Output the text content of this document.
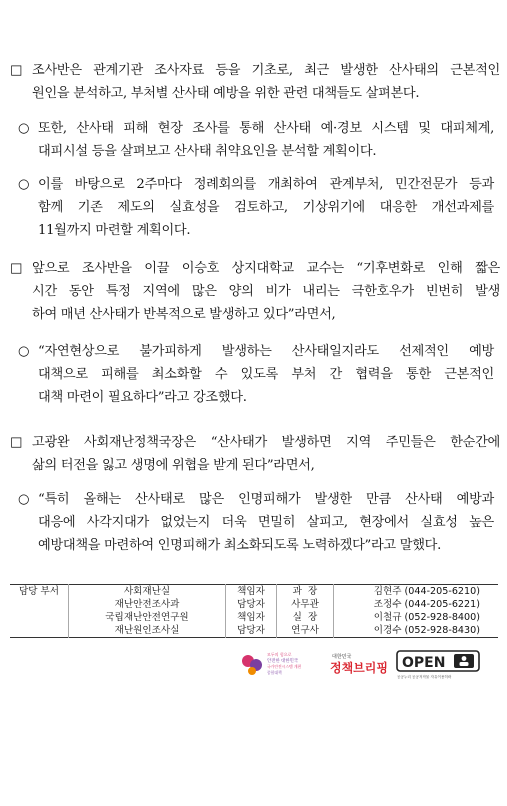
□ 조사반은 관계기관 조사자료 등을 기초로, 최근 발생한 산사태의 근본적인
원인을 분석하고, 부처별 산사태 예방을 위한 관련 대책들도 살펴본다.
○ 또한, 산사태 피해 현장 조사를 통해 산사태 예·경보 시스템 및 대피체계,
대피시설 등을 살펴보고 산사태 취약요인을 분석할 계획이다.
○ 이를 바탕으로 2주마다 정례회의를 개최하여 관계부처, 민간전문가 등과
함께 기존 제도의 실효성을 검토하고, 기상위기에 대응한 개선과제를
11월까지 마련할 계획이다.
□ 앞으로 조사반을 이끌 이승호 상지대학교 교수는 “기후변화로 인해 짧은
시간 동안 특정 지역에 많은 양의 비가 내리는 극한호우가 빈번히 발생
하여 매년 산사태가 반복적으로 발생하고 있다”라면서,
○ “자연현상으로 불가피하게 발생하는 산사태일지라도 선제적인 예방
대책으로 피해를 최소화할 수 있도록 부처 간 협력을 통한 근본적인
대책 마련이 필요하다”라고 강조했다.
□ 고광완 사회재난정책국장은 “산사태가 발생하면 지역 주민들은 한순간에
삶의 터전을 잃고 생명에 위협을 받게 된다”라면서,
○ “특히 올해는 산사태로 많은 인명피해가 발생한 만큼 산사태 예방과
대응에 사각지대가 없었는지 더욱 면밀히 살피고, 현장에서 실효성 높은
예방대책을 마련하여 인명피해가 최소화되도록 노력하겠다”라고 말했다.
담당 부서	사회재난실	책임자	과  장	김현주 (044-205-6210)
	재난안전조사과	담당자	사무관	조정수 (044-205-6221)
	국립재난안전연구원	책임자	실  장	이철규 (052-928-8400)
	재난원인조사실	담당자	연구사	이경수 (052-928-8430)
모두의 힘으로
안전한 대한민국
국가안전시스템 개편
종합대책
대한민국
정책브리핑 OPEN
공공누리 공공저작물 자유이용허락
